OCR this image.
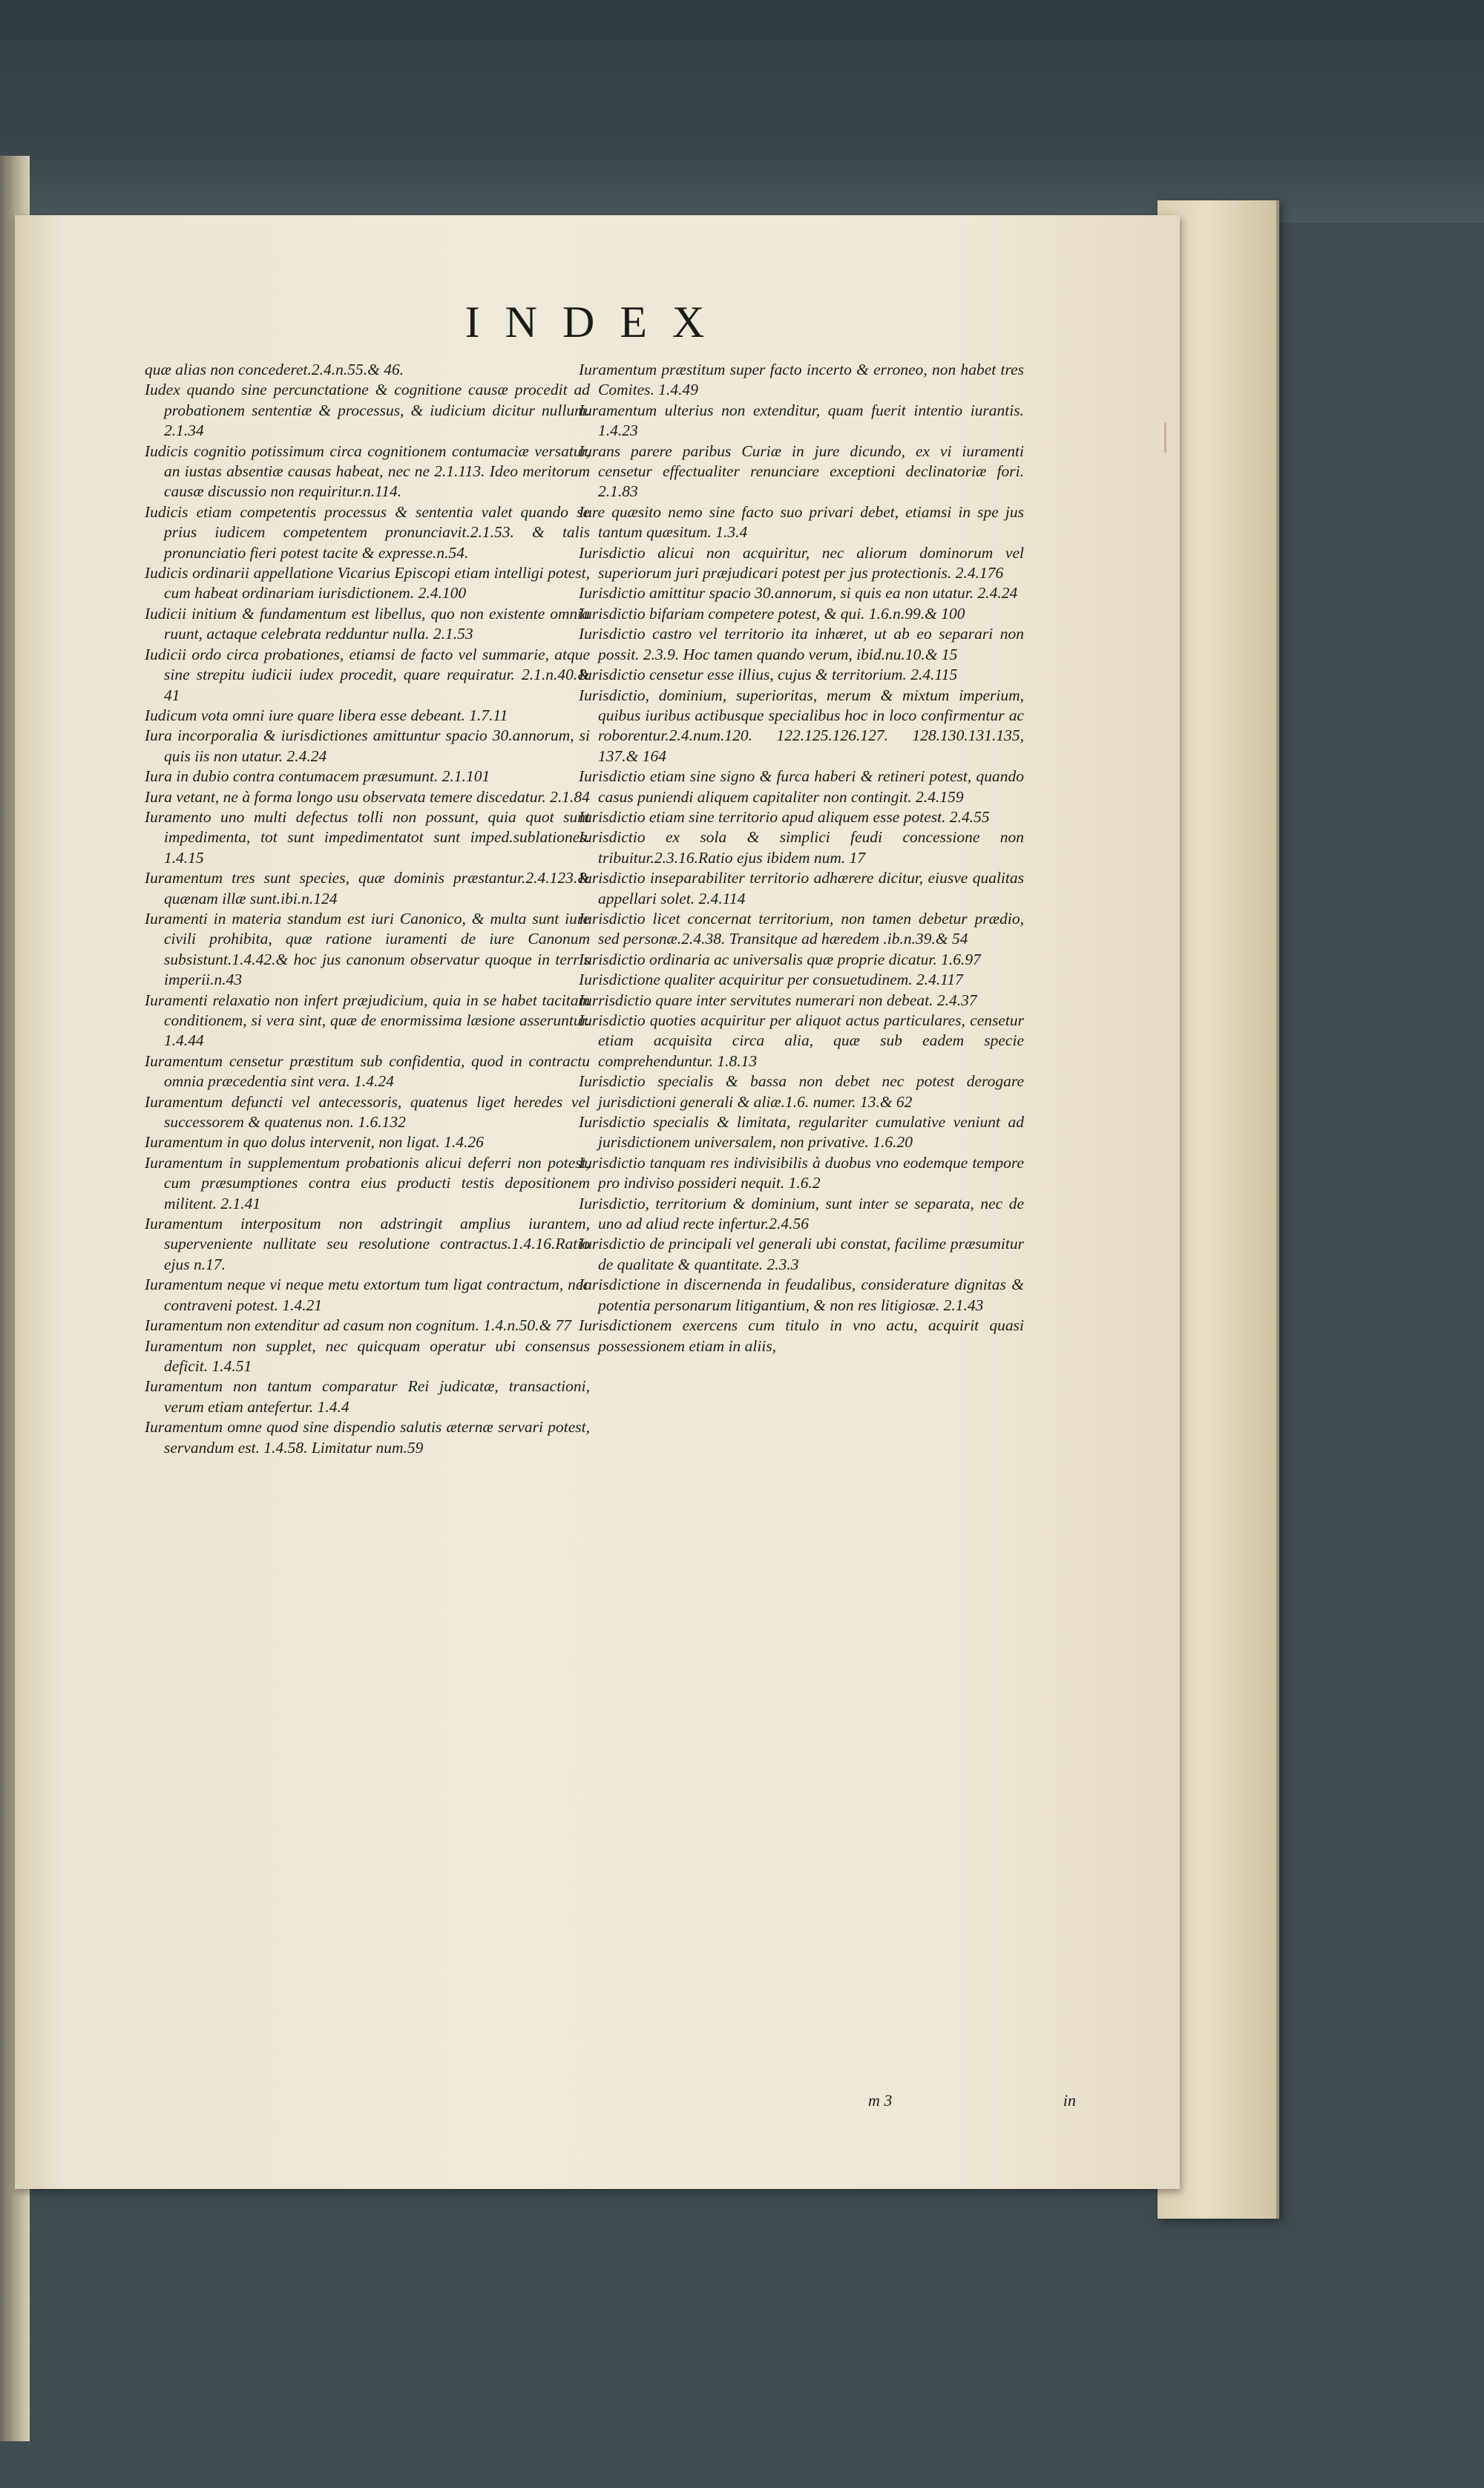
INDEX

quæ alias non concederet.2.4.n.55.& 46.

Iudex quando sine percunctatione & cognitione causæ procedit ad probationem sententiæ & processus, & iudicium dicitur nullum. 2.1.34

Iudicis cognitio potissimum circa cognitionem contumaciæ versatur, an iustas absentiæ causas habeat, nec ne 2.1.113. Ideo meritorum causæ discussio non requiritur.n.114.

Iudicis etiam competentis processus & sententia valet quando se prius iudicem competentem pronunciavit.2.1.53. & talis pronunciatio fieri potest tacite & expresse.n.54.

Iudicis ordinarii appellatione Vicarius Episcopi etiam intelligi potest, cum habeat ordinariam iurisdictionem. 2.4.100

Iudicii initium & fundamentum est libellus, quo non existente omnia ruunt, actaque celebrata redduntur nulla. 2.1.53

Iudicii ordo circa probationes, etiamsi de facto vel summarie, atque sine strepitu iudicii iudex procedit, quare requiratur. 2.1.n.40.& 41

Iudicum vota omni iure quare libera esse debeant. 1.7.11

Iura incorporalia & iurisdictiones amittuntur spacio 30.annorum, si quis iis non utatur. 2.4.24

Iura in dubio contra contumacem præsumunt. 2.1.101

Iura vetant, ne à forma longo usu observata temere discedatur. 2.1.84

Iuramento uno multi defectus tolli non possunt, quia quot sunt impedimenta, tot sunt impedimentatot sunt imped.sublationes. 1.4.15

Iuramentum tres sunt species, quæ dominis præstantur.2.4.123.& quænam illæ sunt.ibi.n.124

Iuramenti in materia standum est iuri Canonico, & multa sunt iure civili prohibita, quæ ratione iuramenti de iure Canonum subsistunt.1.4.42.& hoc jus canonum observatur quoque in terris imperii.n.43

Iuramenti relaxatio non infert præjudicium, quia in se habet tacitam conditionem, si vera sint, quæ de enormissima læsione asseruntur. 1.4.44

Iuramentum censetur præstitum sub confidentia, quod in contractu omnia præcedentia sint vera. 1.4.24

Iuramentum defuncti vel antecessoris, quatenus liget heredes vel successorem & quatenus non. 1.6.132

Iuramentum in quo dolus intervenit, non ligat. 1.4.26

Iuramentum in supplementum probationis alicui deferri non potest, cum præsumptiones contra eius producti testis depositionem militent. 2.1.41

Iuramentum interpositum non adstringit amplius iurantem, superveniente nullitate seu resolutione contractus.1.4.16.Ratio ejus n.17.

Iuramentum neque vi neque metu extortum tum ligat contractum, nec contraveni potest. 1.4.21

Iuramentum non extenditur ad casum non cognitum. 1.4.n.50.& 77

Iuramentum non supplet, nec quicquam operatur ubi consensus deficit. 1.4.51

Iuramentum non tantum comparatur Rei judicatæ, transactioni, verum etiam antefertur. 1.4.4

Iuramentum omne quod sine dispendio salutis æternæ servari potest, servandum est. 1.4.58. Limitatur num.59

Iuramentum præstitum super facto incerto & erroneo, non habet tres Comites. 1.4.49

Iuramentum ulterius non extenditur, quam fuerit intentio iurantis. 1.4.23

Iurans parere paribus Curiæ in jure dicundo, ex vi iuramenti censetur effectualiter renunciare exceptioni declinatoriæ fori. 2.1.83

Iure quæsito nemo sine facto suo privari debet, etiamsi in spe jus tantum quæsitum. 1.3.4

Iurisdictio alicui non acquiritur, nec aliorum dominorum vel superiorum juri præjudicari potest per jus protectionis. 2.4.176

Iurisdictio amittitur spacio 30.annorum, si quis ea non utatur. 2.4.24

Iurisdictio bifariam competere potest, & qui. 1.6.n.99.& 100

Iurisdictio castro vel territorio ita inhæret, ut ab eo separari non possit. 2.3.9. Hoc tamen quando verum, ibid.nu.10.& 15

Iurisdictio censetur esse illius, cujus & territorium. 2.4.115

Iurisdictio, dominium, superioritas, merum & mixtum imperium, quibus iuribus actibusque specialibus hoc in loco confirmentur ac roborentur.2.4.num.120. 122.125.126.127. 128.130.131.135, 137.& 164

Iurisdictio etiam sine signo & furca haberi & retineri potest, quando casus puniendi aliquem capitaliter non contingit. 2.4.159

Iurisdictio etiam sine territorio apud aliquem esse potest. 2.4.55

Iurisdictio ex sola & simplici feudi concessione non tribuitur.2.3.16.Ratio ejus ibidem num. 17

Iurisdictio inseparabiliter territorio adhærere dicitur, eiusve qualitas appellari solet. 2.4.114

Iurisdictio licet concernat territorium, non tamen debetur prædio, sed personæ.2.4.38. Transitque ad hæredem .ib.n.39.& 54

Iurisdictio ordinaria ac universalis quæ proprie dicatur. 1.6.97

Iurisdictione qualiter acquiritur per consuetudinem. 2.4.117

Iurrisdictio quare inter servitutes numerari non debeat. 2.4.37

Iurisdictio quoties acquiritur per aliquot actus particulares, censetur etiam acquisita circa alia, quæ sub eadem specie comprehenduntur. 1.8.13

Iurisdictio specialis & bassa non debet nec potest derogare jurisdictioni generali & aliæ.1.6. numer. 13.& 62

Iurisdictio specialis & limitata, regulariter cumulative veniunt ad jurisdictionem universalem, non privative. 1.6.20

Iurisdictio tanquam res indivisibilis à duobus vno eodemque tempore pro indiviso possideri nequit. 1.6.2

Iurisdictio, territorium & dominium, sunt inter se separata, nec de uno ad aliud recte infertur.2.4.56

Iurisdictio de principali vel generali ubi constat, facilime præsumitur de qualitate & quantitate. 2.3.3

Iurisdictione in discernenda in feudalibus, considerature dignitas & potentia personarum litigantium, & non res litigiosæ. 2.1.43

Iurisdictionem exercens cum titulo in vno actu, acquirit quasi possessionem etiam in aliis,

m 3	in
